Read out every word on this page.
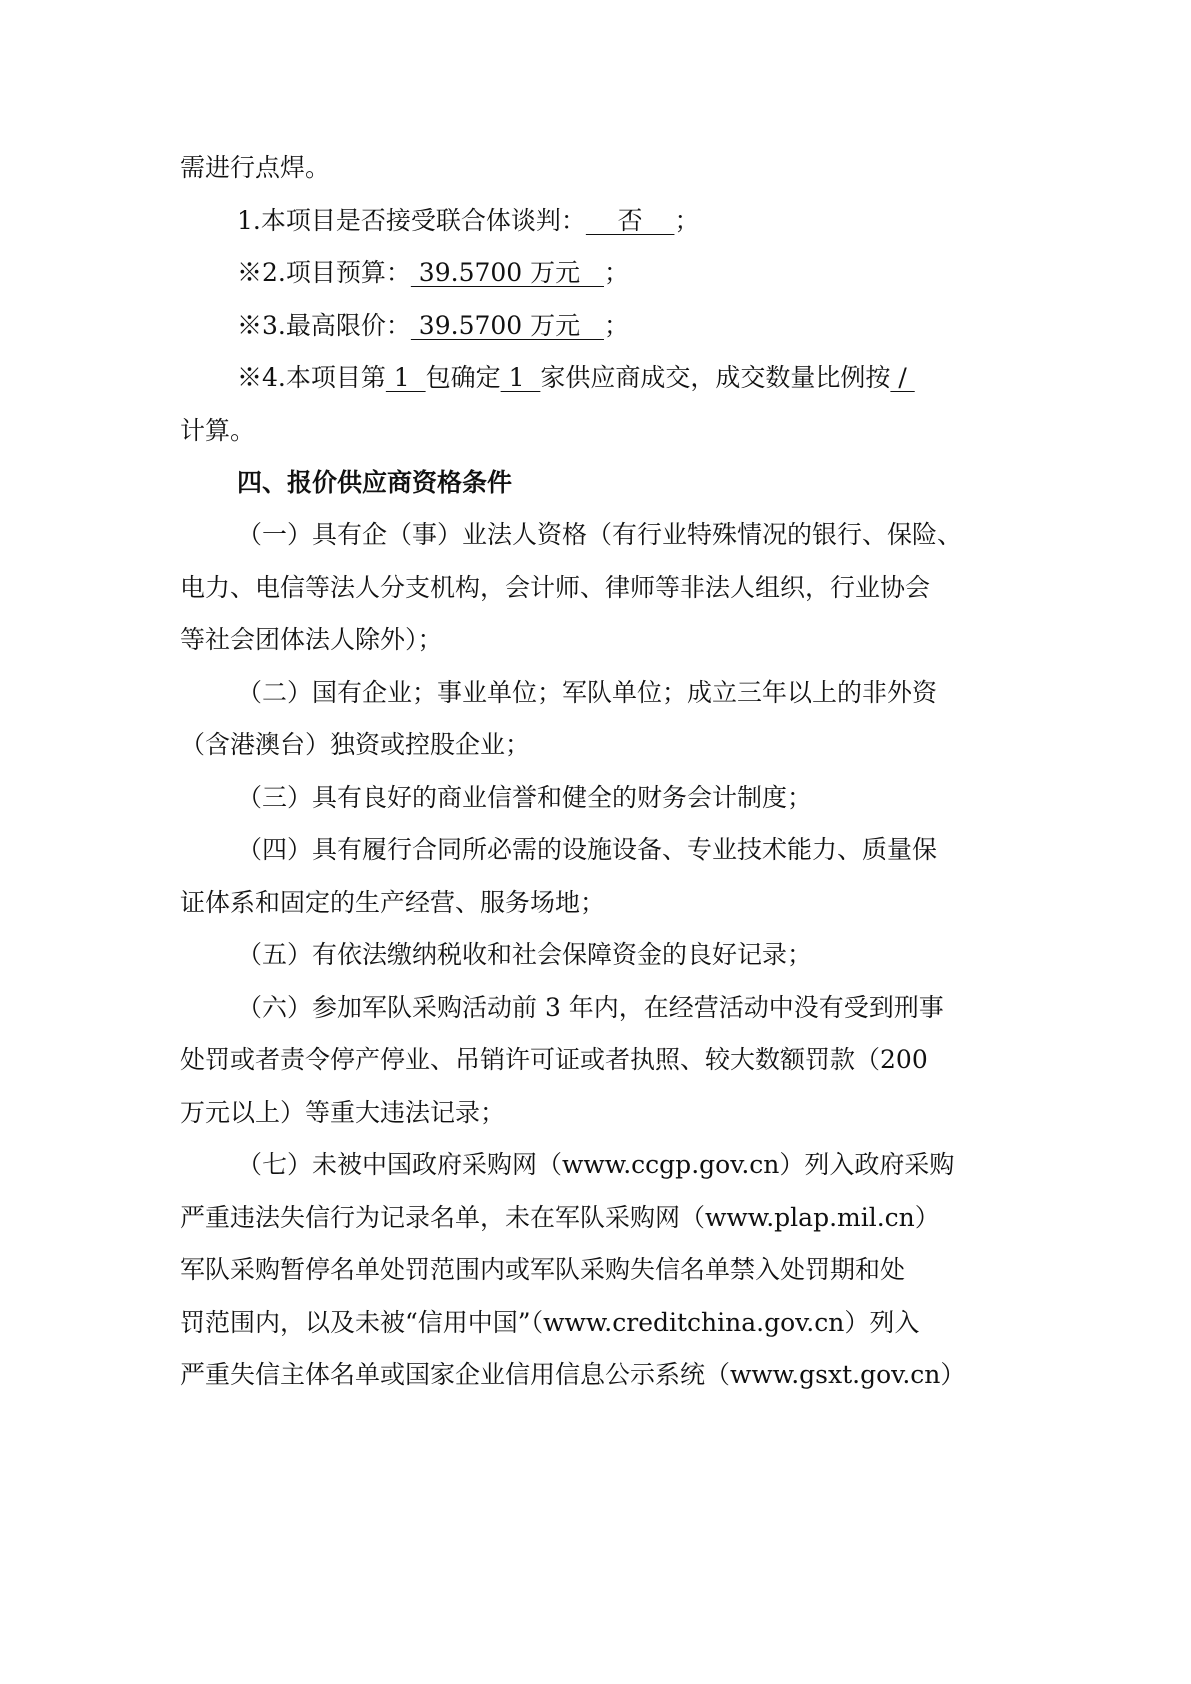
需进行点焊。
1.本项目是否接受联合体谈判：    否    ；
※2.项目预算： 39.5700 万元   ；
※3.最高限价： 39.5700 万元   ；
※4.本项目第 1  包确定 1  家供应商成交，成交数量比例按 /
计算。
四、报价供应商资格条件
（一）具有企（事）业法人资格（有行业特殊情况的银行、保险、
电力、电信等法人分支机构，会计师、律师等非法人组织，行业协会
等社会团体法人除外）；
（二）国有企业；事业单位；军队单位；成立三年以上的非外资
（含港澳台）独资或控股企业；
（三）具有良好的商业信誉和健全的财务会计制度；
（四）具有履行合同所必需的设施设备、专业技术能力、质量保
证体系和固定的生产经营、服务场地；
（五）有依法缴纳税收和社会保障资金的良好记录；
（六）参加军队采购活动前 3 年内，在经营活动中没有受到刑事
处罚或者责令停产停业、吊销许可证或者执照、较大数额罚款（200
万元以上）等重大违法记录；
（七）未被中国政府采购网（www.ccgp.gov.cn）列入政府采购
严重违法失信行为记录名单，未在军队采购网（www.plap.mil.cn）
军队采购暂停名单处罚范围内或军队采购失信名单禁入处罚期和处
罚范围内，以及未被“信用中国”（www.creditchina.gov.cn）列入
严重失信主体名单或国家企业信用信息公示系统（www.gsxt.gov.cn）
